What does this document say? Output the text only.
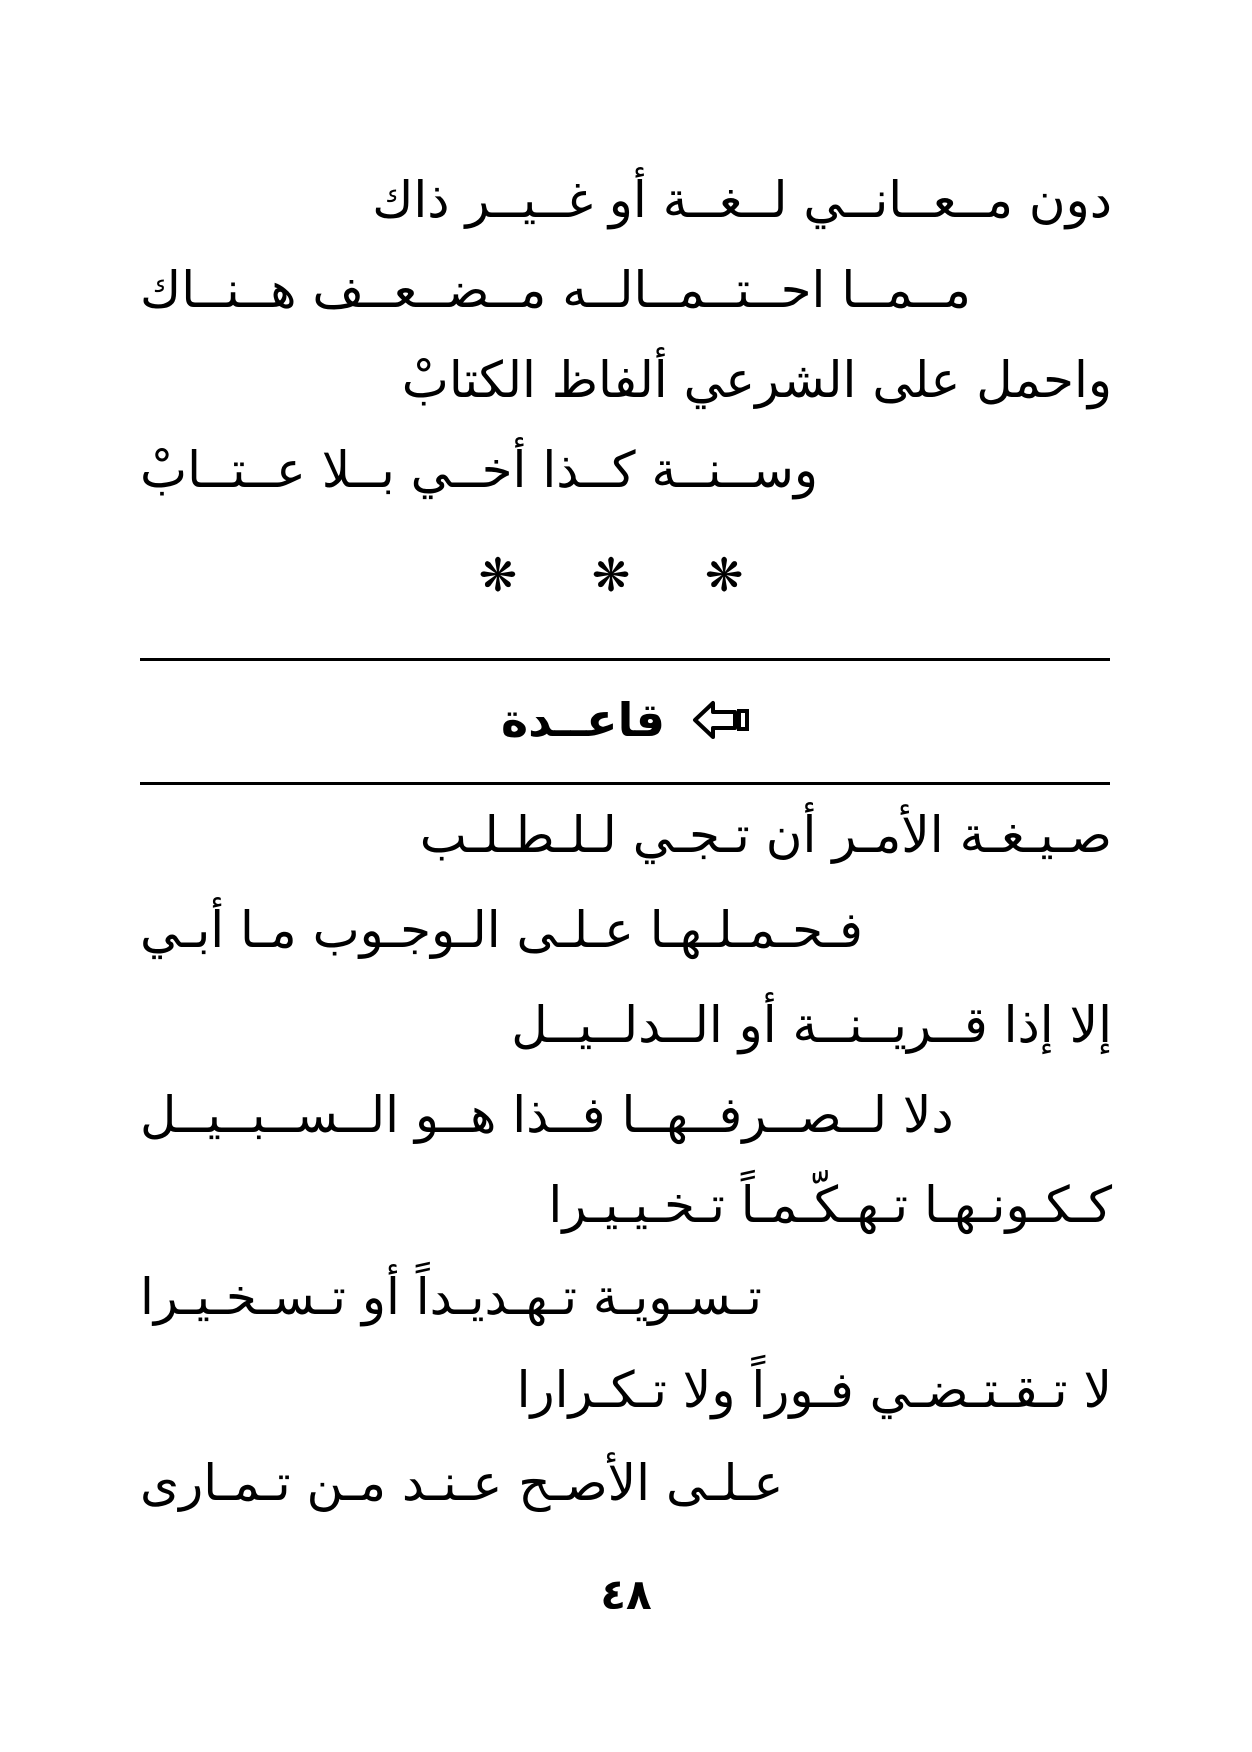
دون مــعــانــي لــغــة أو غــيــر ذاك
مــمــا احــتــمــالــه مــضــعــف هــنــاك
واحمل على الشرعي ألفاظ الكتابْ
وســنــة كــذا أخــي بــلا عــتــابْ
❋ ❋ ❋
قاعــدة
صـيـغـة الأمـر أن تـجـي لـلـطـلـب
فـحـمـلـهـا عـلـى الـوجـوب مـا أبـي
إلا إذا قــريــنــة أو الــدلــيــل
دلا لــصــرفــهــا فــذا هــو الــســبــيــل
كـكـونـهـا تـهـكّـمـاً تـخـيـيـرا
تـسـويـة تـهـديـداً أو تـسـخـيـرا
لا تـقـتـضـي فـوراً ولا تـكـرارا
عـلـى الأصـح عـنـد مـن تـمـارى
٤٨
